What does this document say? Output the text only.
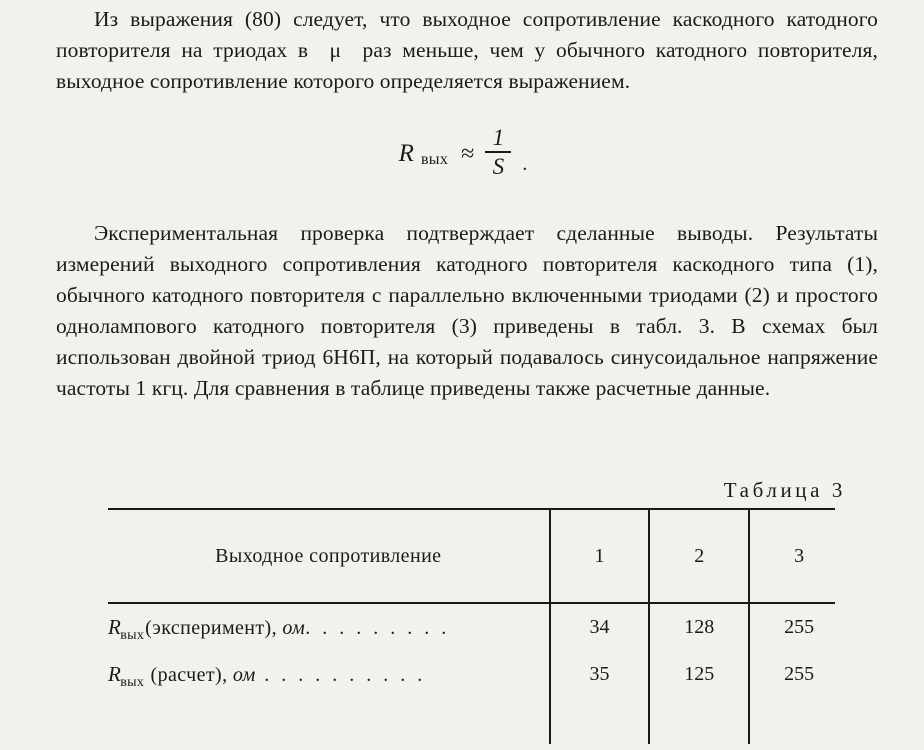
Из выражения (80) следует, что выходное сопротивление каскодного катодного повторителя на триодах в  μ  раз меньше, чем у обычного катодного повторителя, выходное сопротивление которого определяется выражением.
R вых ≈ $\frac{1}{S}$ .
Экспериментальная проверка подтверждает сделанные выводы. Результаты измерений выходного сопротивления катодного повторителя каскодного типа (1), обычного катодного повторителя с параллельно включенными триодами (2) и простого одноламповогo катодного повторителя (3) приведены в табл. 3. В схемах был использован двойной триод 6Н6П, на который подавалось синусоидальное напряжение частоты 1 кгц. Для сравнения в таблице приведены также расчетные данные.
Таблица 3
Выходное сопротивление	1	2	3
$R_{вых}(эксперимент)$, ом. . . . . . . . .	34	128	255
$R_{вых}$ (расчет), ом . . . . . . . . . .	35	125	255
